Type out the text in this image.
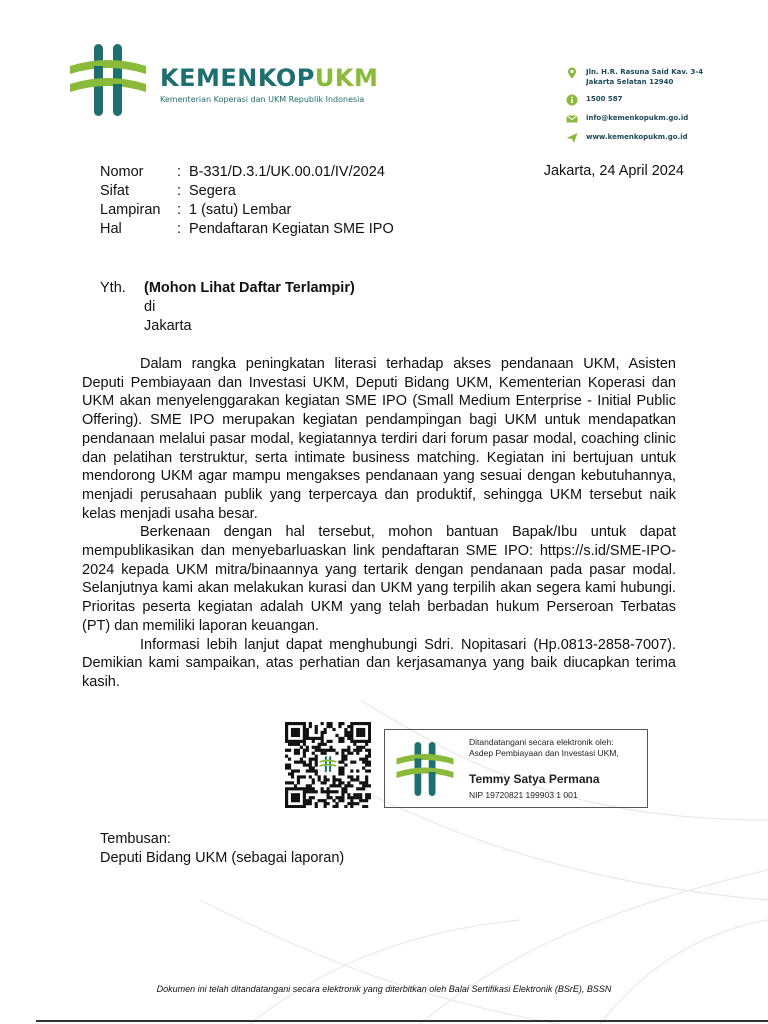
KEMENKOPUKM
Kementerian Koperasi dan UKM Republik Indonesia
Jln. H.R. Rasuna Said Kav. 3-4
Jakarta Selatan 12940
1500 587
info@kemenkopukm.go.id
www.kemenkopukm.go.id
Nomor	: B-331/D.3.1/UK.00.01/IV/2024
Sifat	: Segera
Lampiran	: 1 (satu) Lembar
Hal	: Pendaftaran Kegiatan SME IPO
Jakarta, 24 April 2024
Yth.	(Mohon Lihat Daftar Terlampir)
di
Jakarta

Dalam rangka peningkatan literasi terhadap akses pendanaan UKM, Asisten Deputi Pembiayaan dan Investasi UKM, Deputi Bidang UKM, Kementerian Koperasi dan UKM akan menyelenggarakan kegiatan SME IPO (Small Medium Enterprise - Initial Public Offering). SME IPO merupakan kegiatan pendampingan bagi UKM untuk mendapatkan pendanaan melalui pasar modal, kegiatannya terdiri dari forum pasar modal, coaching clinic dan pelatihan terstruktur, serta intimate business matching. Kegiatan ini bertujuan untuk mendorong UKM agar mampu mengakses pendanaan yang sesuai dengan kebutuhannya, menjadi perusahaan publik yang terpercaya dan produktif, sehingga UKM tersebut naik kelas menjadi usaha besar.

Berkenaan dengan hal tersebut, mohon bantuan Bapak/Ibu untuk dapat mempublikasikan dan menyebarluaskan link pendaftaran SME IPO: https://s.id/SME-IPO-2024 kepada UKM mitra/binaannya yang tertarik dengan pendanaan pada pasar modal. Selanjutnya kami akan melakukan kurasi dan UKM yang terpilih akan segera kami hubungi. Prioritas peserta kegiatan adalah UKM yang telah berbadan hukum Perseroan Terbatas (PT) dan memiliki laporan keuangan.

Informasi lebih lanjut dapat menghubungi Sdri. Nopitasari (Hp.0813-2858-7007). Demikian kami sampaikan, atas perhatian dan kerjasamanya yang baik diucapkan terima kasih.

Ditandatangani secara elektronik oleh:
Asdep Pembiayaan dan Investasi UKM,
Temmy Satya Permana
NIP 19720821 199903 1 001
Tembusan:
Deputi Bidang UKM (sebagai laporan)
Dokumen ini telah ditandatangani secara elektronik yang diterbitkan oleh Balai Sertifikasi Elektronik (BSrE), BSSN
